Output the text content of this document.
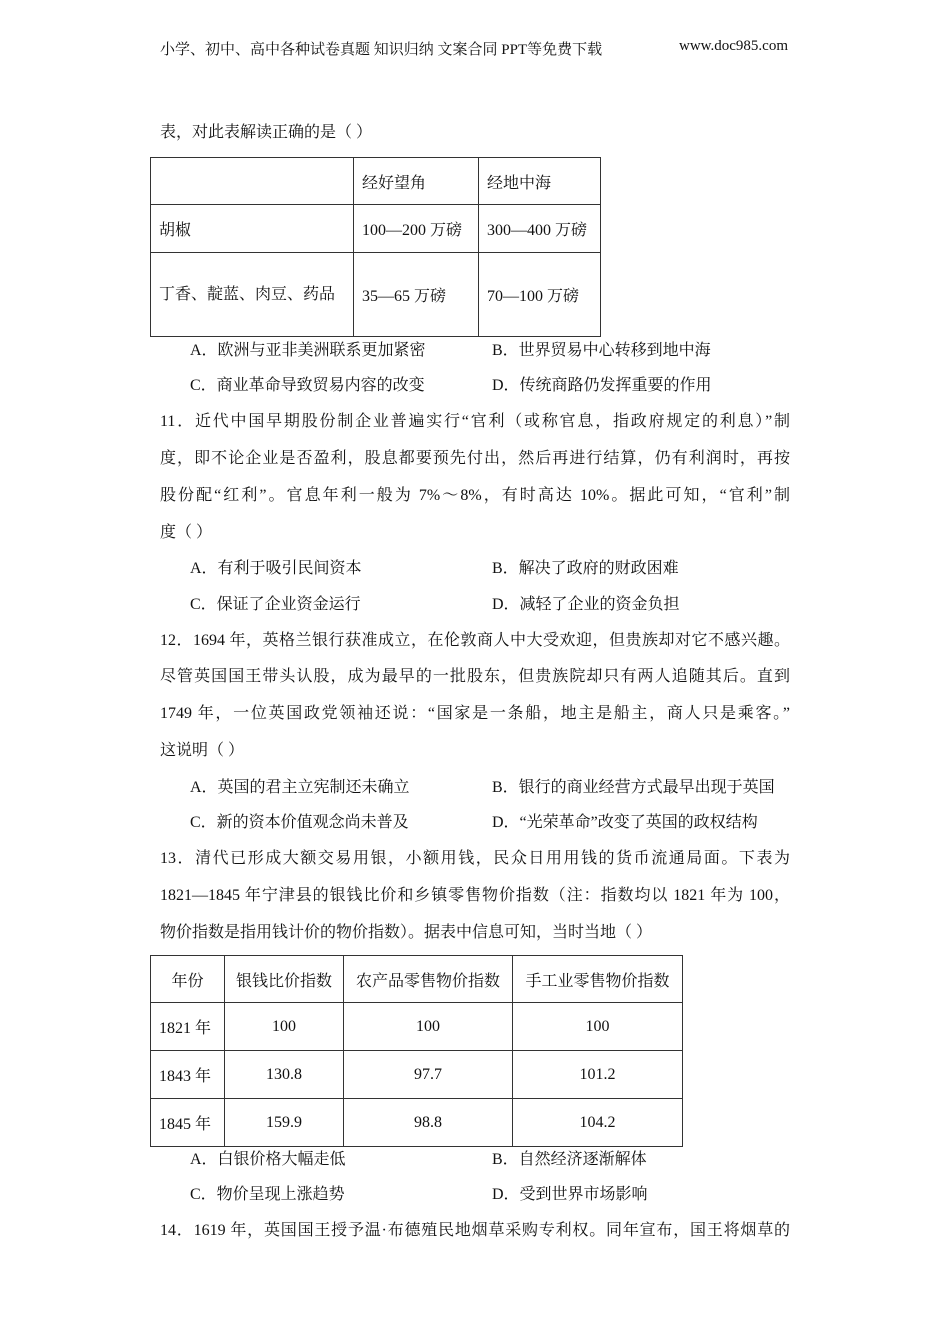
小学、初中、高中各种试卷真题 知识归纳 文案合同 PPT等免费下载	www.doc985.com
表，对此表解读正确的是（ ）
	经好望角	经地中海
胡椒	100—200 万磅	300—400 万磅
丁香、靛蓝、肉豆、药品	35—65 万磅	70—100 万磅
A．欧洲与亚非美洲联系更加紧密	B．世界贸易中心转移到地中海
C．商业革命导致贸易内容的改变	D．传统商路仍发挥重要的作用
11．近代中国早期股份制企业普遍实行“官利（或称官息，指政府规定的利息）”制
度，即不论企业是否盈利，股息都要预先付出，然后再进行结算，仍有利润时，再按
股份配“红利”。官息年利一般为 7%～8%，有时高达 10%。据此可知，“官利”制
度（ ）
A．有利于吸引民间资本	B．解决了政府的财政困难
C．保证了企业资金运行	D．减轻了企业的资金负担
12．1694 年，英格兰银行获准成立，在伦敦商人中大受欢迎，但贵族却对它不感兴趣。
尽管英国国王带头认股，成为最早的一批股东，但贵族院却只有两人追随其后。直到
1749 年，一位英国政党领袖还说：“国家是一条船，地主是船主，商人只是乘客。”
这说明（ ）
A．英国的君主立宪制还未确立	B．银行的商业经营方式最早出现于英国
C．新的资本价值观念尚未普及	D．“光荣革命”改变了英国的政权结构
13．清代已形成大额交易用银，小额用钱，民众日用用钱的货币流通局面。下表为
1821—1845 年宁津县的银钱比价和乡镇零售物价指数（注：指数均以 1821 年为 100，
物价指数是指用钱计价的物价指数）。据表中信息可知，当时当地（ ）
年份	银钱比价指数	农产品零售物价指数	手工业零售物价指数
1821 年	100	100	100
1843 年	130.8	97.7	101.2
1845 年	159.9	98.8	104.2
A．白银价格大幅走低	B．自然经济逐渐解体
C．物价呈现上涨趋势	D．受到世界市场影响
14．1619 年，英国国王授予温·布德殖民地烟草采购专利权。同年宣布，国王将烟草的
